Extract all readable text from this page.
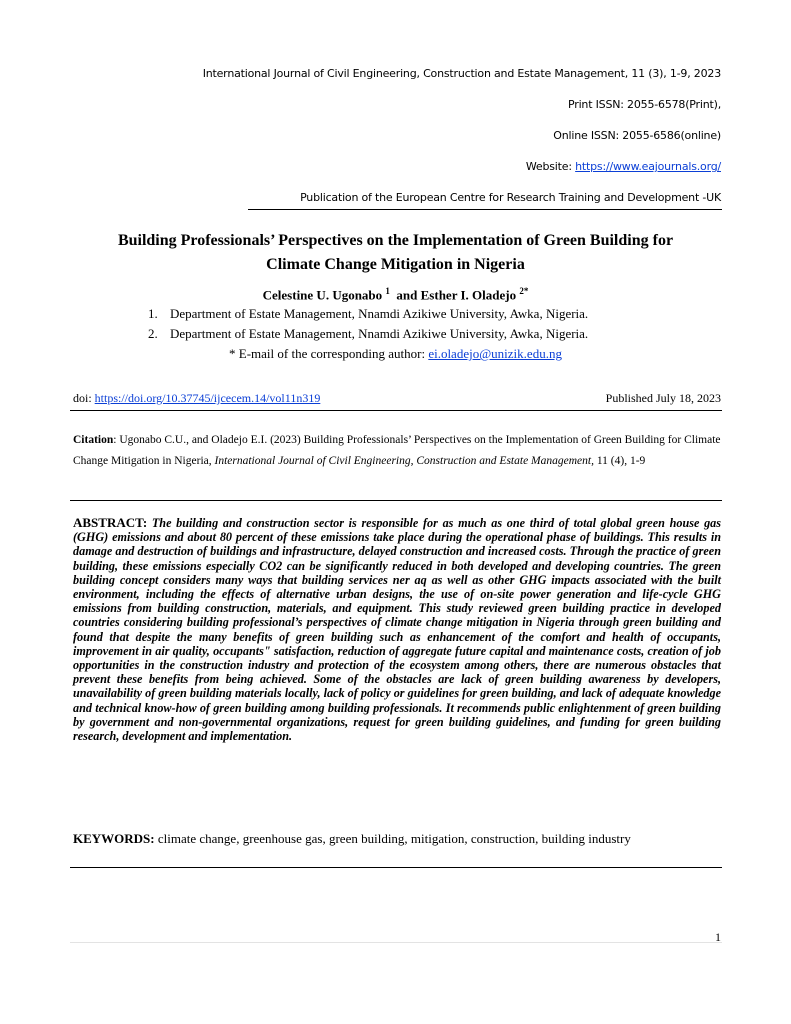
International Journal of Civil Engineering, Construction and Estate Management, 11 (3), 1-9, 2023
Print ISSN: 2055-6578(Print),
Online ISSN: 2055-6586(online)
Website: https://www.eajournals.org/
Publication of the European Centre for Research Training and Development -UK
Building Professionals’ Perspectives on the Implementation of Green Building for
Climate Change Mitigation in Nigeria
Celestine U. Ugonabo $^1$ and Esther I. Oladejo $^{2*}$
1. Department of Estate Management, Nnamdi Azikiwe University, Awka, Nigeria.
2. Department of Estate Management, Nnamdi Azikiwe University, Awka, Nigeria.
* E-mail of the corresponding author: ei.oladejo@unizik.edu.ng
doi: https://doi.org/10.37745/ijcecem.14/vol11n319	Published July 18, 2023
Citation: Ugonabo C.U., and Oladejo E.I. (2023) Building Professionals’ Perspectives on the Implementation of Green Building for Climate Change Mitigation in Nigeria, International Journal of Civil Engineering, Construction and Estate Management, 11 (4), 1-9
ABSTRACT: The building and construction sector is responsible for as much as one third of total global green house gas (GHG) emissions and about 80 percent of these emissions take place during the operational phase of buildings. This results in damage and destruction of buildings and infrastructure, delayed construction and increased costs. Through the practice of green building, these emissions especially CO2 can be significantly reduced in both developed and developing countries. The green building concept considers many ways that building services ner aq as well as other GHG impacts associated with the built environment, including the effects of alternative urban designs, the use of on-site power generation and life-cycle GHG emissions from building construction, materials, and equipment. This study reviewed green building practice in developed countries considering building professional’s perspectives of climate change mitigation in Nigeria through green building and found that despite the many benefits of green building such as enhancement of the comfort and health of occupants, improvement in air quality, occupants" satisfaction, reduction of aggregate future capital and maintenance costs, creation of job opportunities in the construction industry and protection of the ecosystem among others, there are numerous obstacles that prevent these benefits from being achieved. Some of the obstacles are lack of green building awareness by developers, unavailability of green building materials locally, lack of policy or guidelines for green building, and lack of adequate knowledge and technical know-how of green building among building professionals. It recommends public enlightenment of green building by government and non-governmental organizations, request for green building guidelines, and funding for green building research, development and implementation.
KEYWORDS: climate change, greenhouse gas, green building, mitigation, construction, building industry
1
